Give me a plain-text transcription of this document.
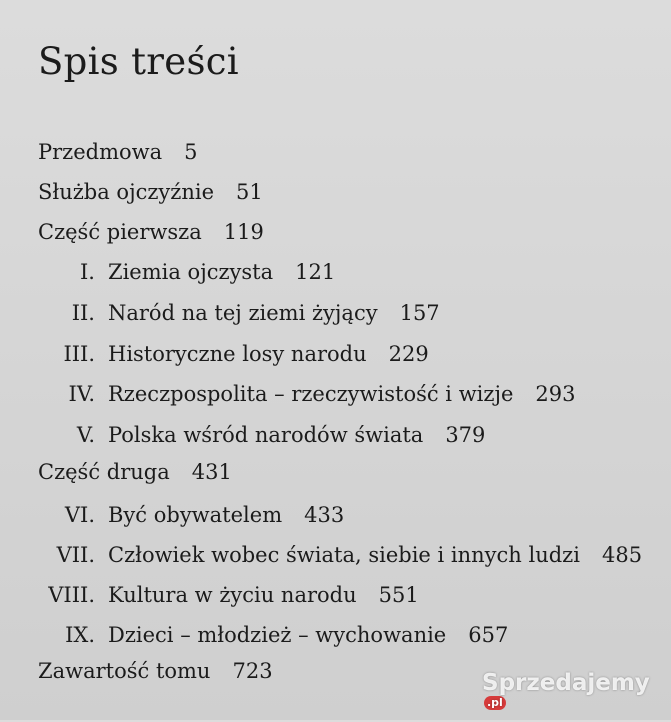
Spis treści
Przedmowa 5
Służba ojczyźnie 51
Część pierwsza 119
I. Ziemia ojczysta 121
II. Naród na tej ziemi żyjący 157
III. Historyczne losy narodu 229
IV. Rzeczpospolita – rzeczywistość i wizje 293
V. Polska wśród narodów świata 379
Część druga 431
VI. Być obywatelem 433
VII. Człowiek wobec świata, siebie i innych ludzi 485
VIII. Kultura w życiu narodu 551
IX. Dzieci – młodzież – wychowanie 657
Zawartość tomu 723	Sprzedajemy.pl
